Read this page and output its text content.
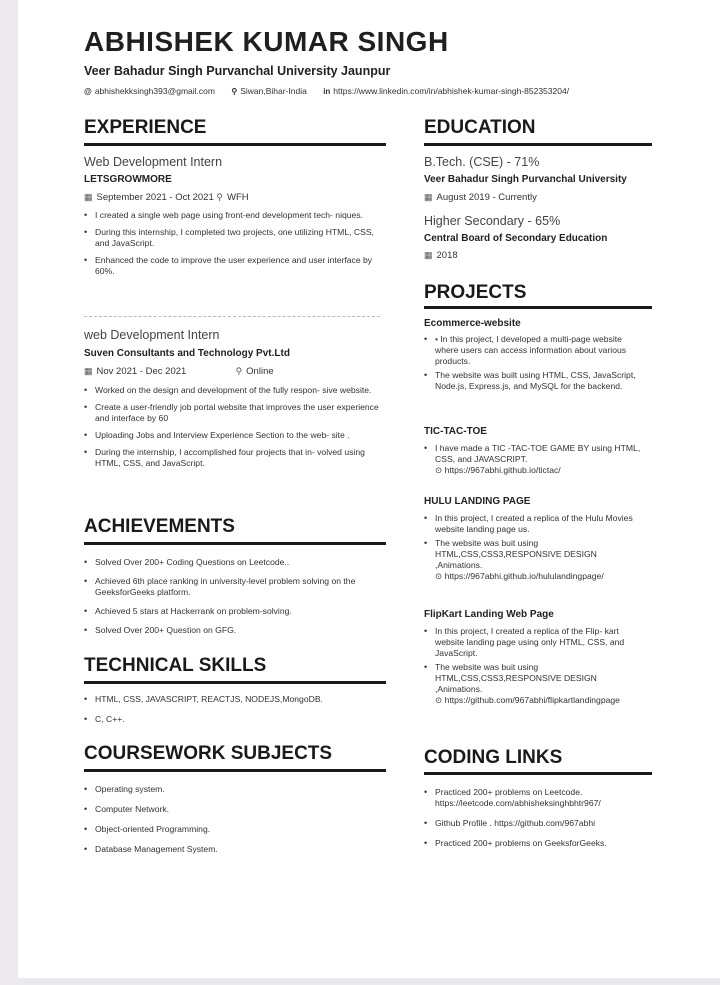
ABHISHEK KUMAR SINGH
Veer Bahadur Singh Purvanchal University Jaunpur
@ abhishekksingh393@gmail.com ⚲ Siwan,Bihar-India in https://www.linkedin.com/in/abhishek-kumar-singh-852353204/
EXPERIENCE
Web Development Intern
LETSGROWMORE
▦ September 2021 - Oct 2021 ⚲ WFH
• I created a single web page using front-end development tech- niques.
• During this internship, I completed two projects, one utilizing HTML, CSS, and JavaScript.
• Enhanced the code to improve the user experience and user interface by 60%.
web Development Intern
Suven Consultants and Technology Pvt.Ltd
▦ Nov 2021 - Dec 2021	⚲ Online
• Worked on the design and development of the fully respon- sive website.
• Create a user-friendly job portal website that improves the user experience and interface by 60
• Uploading Jobs and Interview Experience Section to the web- site .
• During the internship, I accomplished four projects that in- volved using HTML, CSS, and JavaScript.
ACHIEVEMENTS
• Solved Over 200+ Coding Questions on Leetcode..
• Achieved 6th place ranking in university-level problem solving on the GeeksforGeeks platform.
• Achieved 5 stars at Hackerrank on problem-solving.
• Solved Over 200+ Question on GFG.
TECHNICAL SKILLS
• HTML, CSS, JAVASCRIPT, REACTJS, NODEJS,MongoDB.
• C, C++.
COURSEWORK SUBJECTS
• Operating system.
• Computer Network.
• Object-oriented Programming.
• Database Management System.
EDUCATION
B.Tech. (CSE) - 71%
Veer Bahadur Singh Purvanchal University
▦ August 2019 - Currently
Higher Secondary - 65%
Central Board of Secondary Education
▦ 2018
PROJECTS
Ecommerce-website
• • In this project, I developed a multi-page website where users can access information about various products.
• The website was built using HTML, CSS, JavaScript, Node.js, Express.js, and MySQL for the backend.
TIC-TAC-TOE
• I have made a TIC -TAC-TOE GAME BY using HTML, CSS, and JAVASCRIPT.
⊙ https://967abhi.github.io/tictac/
HULU LANDING PAGE
• In this project, I created a replica of the Hulu Movies website landing page us.
• The website was buit using HTML,CSS,CSS3,RESPONSIVE DESIGN ,Animations.
⊙ https://967abhi.github.io/hululandingpage/
FlipKart Landing Web Page
• In this project, I created a replica of the Flip- kart website landing page using only HTML, CSS, and JavaScript.
• The website was buit using HTML,CSS,CSS3,RESPONSIVE DESIGN ,Animations.
⊙ https://github.com/967abhi/flipkartlandingpage
CODING LINKS
• Practiced 200+ problems on Leetcode. https://leetcode.com/abhisheksinghbhtr967/
• Github Profile . https://github.com/967abhi
• Practiced 200+ problems on GeeksforGeeks.
